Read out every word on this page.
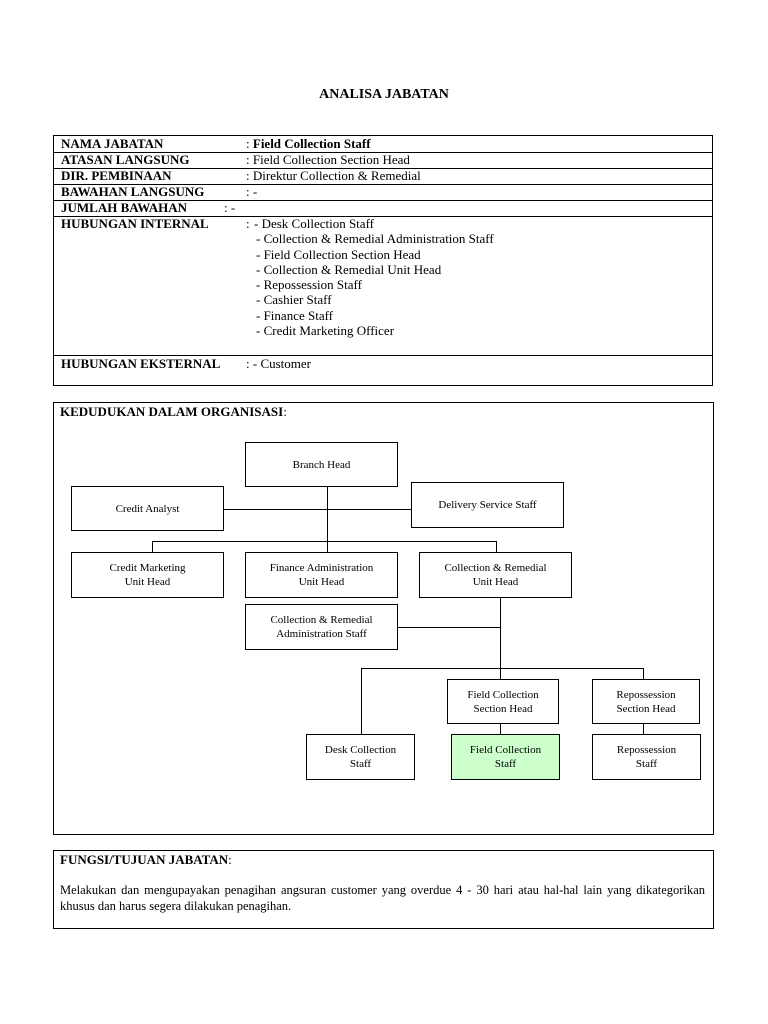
ANALISA JABATAN
NAMA JABATAN	: Field Collection Staff
ATASAN LANGSUNG	: Field Collection Section Head
DIR. PEMBINAAN	: Direktur Collection & Remedial
BAWAHAN LANGSUNG	: -
JUMLAH BAWAHAN	: -
HUBUNGAN INTERNAL	: - Desk Collection Staff
- Collection & Remedial Administration Staff
- Field Collection Section Head
- Collection & Remedial Unit Head
- Repossession Staff
- Cashier Staff
- Finance Staff
- Credit Marketing Officer
HUBUNGAN EKSTERNAL : - Customer
KEDUDUKAN DALAM ORGANISASI:
Branch Head
Credit Analyst	Delivery Service Staff
Credit Marketing
Unit Head
Finance Administration
Unit Head
Collection & Remedial
Unit Head
Collection & Remedial
Administration Staff
Field Collection
Section Head
Repossession
Section Head
Desk Collection
Staff
Field Collection
Staff
Repossession
Staff
FUNGSI/TUJUAN JABATAN:
Melakukan dan mengupayakan penagihan angsuran customer yang overdue 4 - 30 hari atau hal-hal lain yang dikategorikan khusus dan harus segera dilakukan penagihan.
